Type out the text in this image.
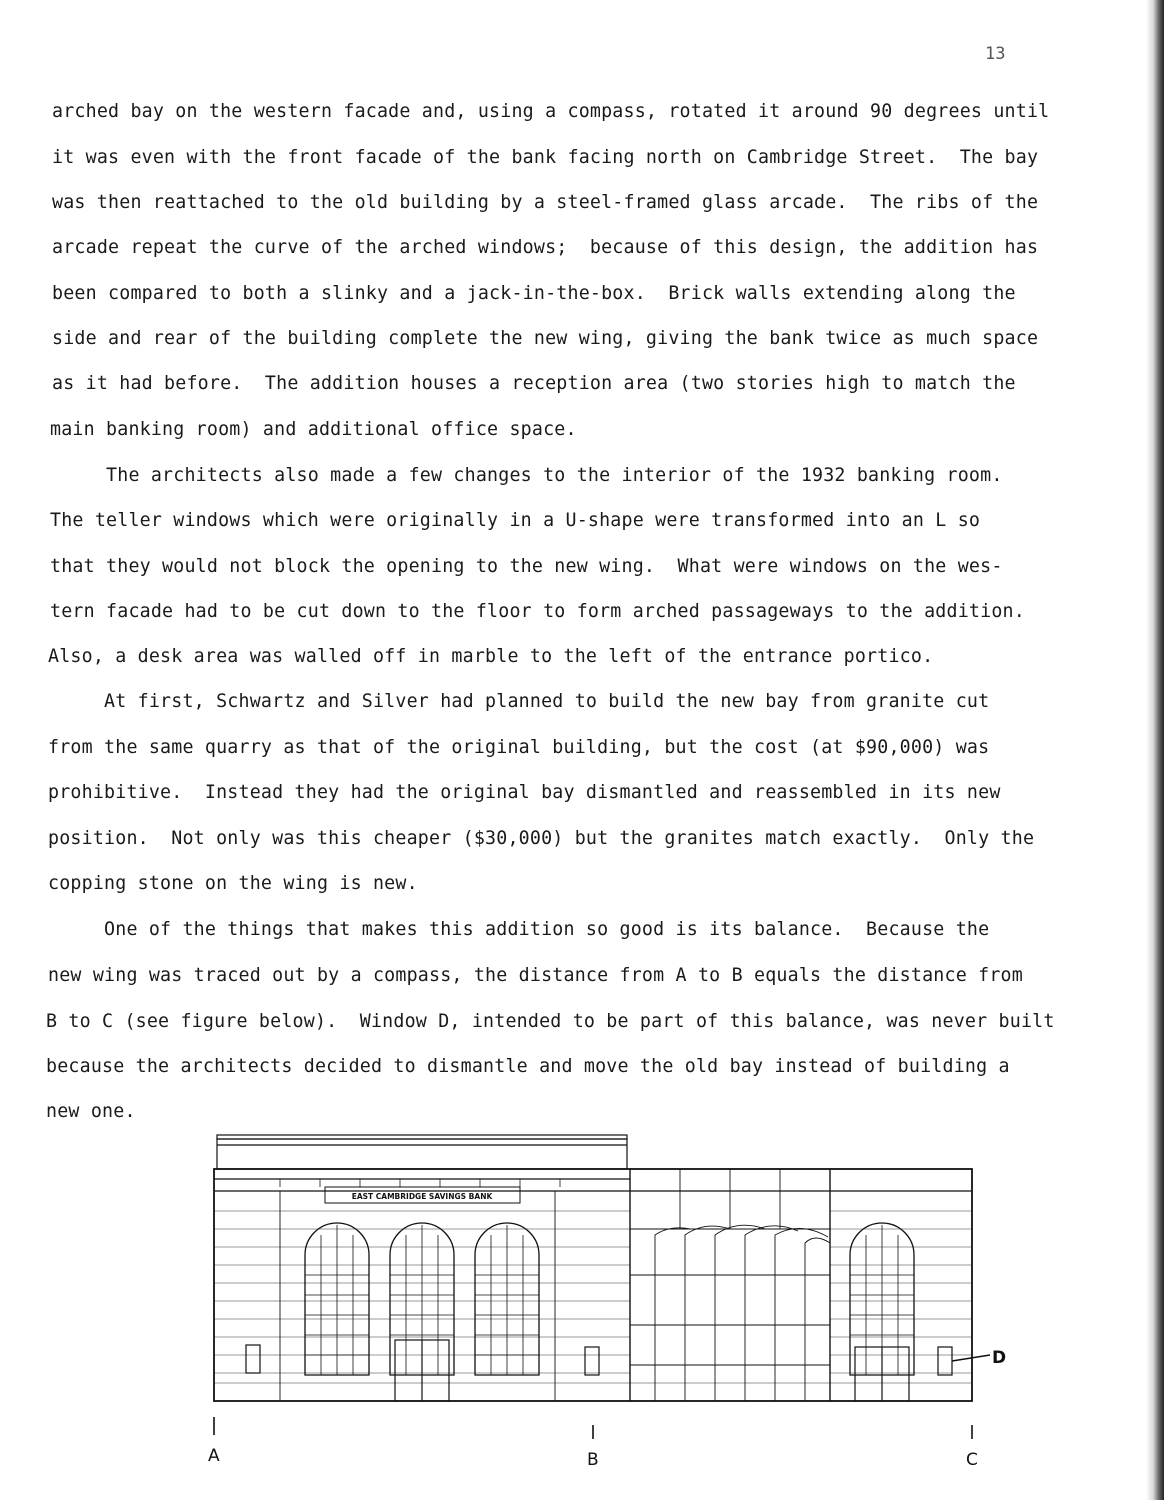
13
arched bay on the western facade and, using a compass, rotated it around 90 degrees until
it was even with the front facade of the bank facing north on Cambridge Street.  The bay
was then reattached to the old building by a steel-framed glass arcade.  The ribs of the
arcade repeat the curve of the arched windows;  because of this design, the addition has
been compared to both a slinky and a jack-in-the-box.  Brick walls extending along the
side and rear of the building complete the new wing, giving the bank twice as much space
as it had before.  The addition houses a reception area (two stories high to match the
main banking room) and additional office space.
The architects also made a few changes to the interior of the 1932 banking room.
The teller windows which were originally in a U-shape were transformed into an L so
that they would not block the opening to the new wing.  What were windows on the wes-
tern facade had to be cut down to the floor to form arched passageways to the addition.
Also, a desk area was walled off in marble to the left of the entrance portico.
At first, Schwartz and Silver had planned to build the new bay from granite cut
from the same quarry as that of the original building, but the cost (at $90,000) was
prohibitive.  Instead they had the original bay dismantled and reassembled in its new
position.  Not only was this cheaper ($30,000) but the granites match exactly.  Only the
copping stone on the wing is new.
One of the things that makes this addition so good is its balance.  Because the
new wing was traced out by a compass, the distance from A to B equals the distance from
B to C (see figure below).  Window D, intended to be part of this balance, was never built
because the architects decided to dismantle and move the old bay instead of building a
new one.
EAST CAMBRIDGE SAVINGS BANK
D
A	B	C
